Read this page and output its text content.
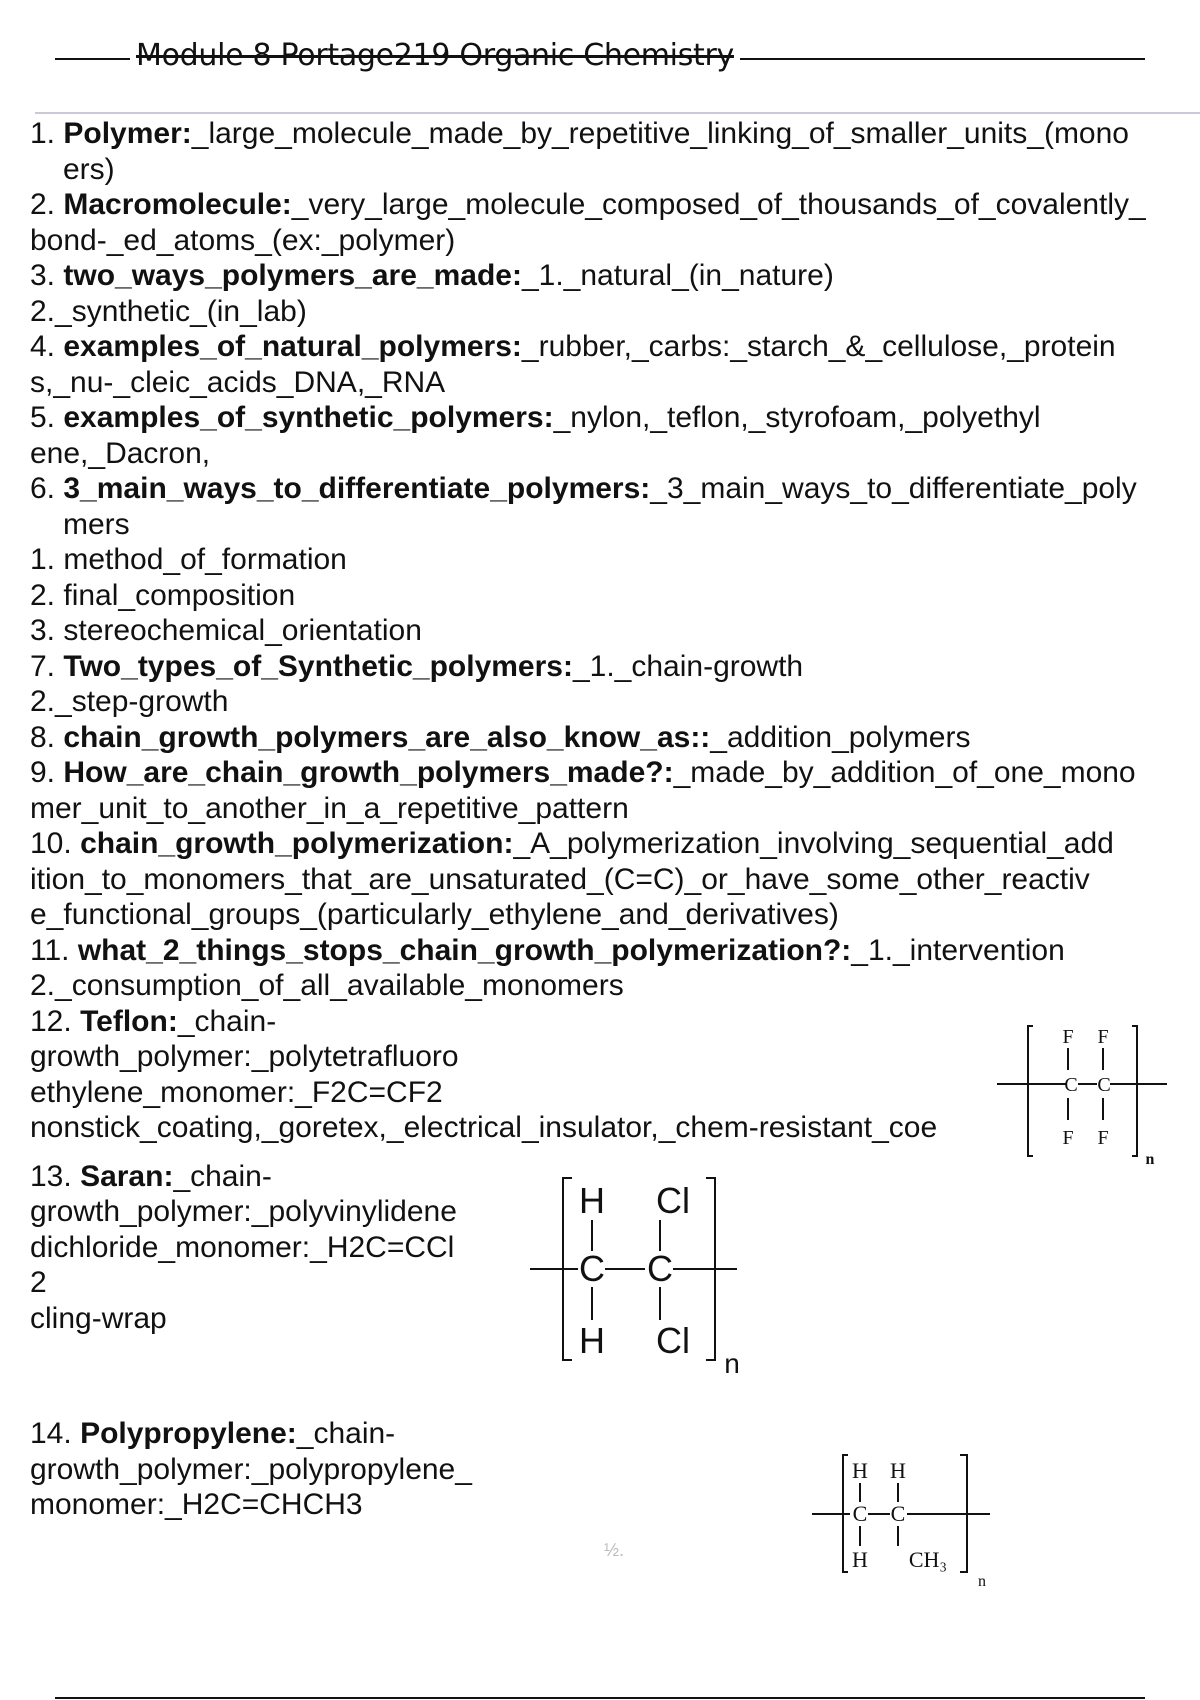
Module 8 Portage219 Organic Chemistry
1. Polymer:_large_molecule_made_by_repetitive_linking_of_smaller_units_(mono
ers)
2. Macromolecule:_very_large_molecule_composed_of_thousands_of_covalently_
bond-_ed_atoms_(ex:_polymer)
3. two_ways_polymers_are_made:_1._natural_(in_nature)
2._synthetic_(in_lab)
4. examples_of_natural_polymers:_rubber,_carbs:_starch_&_cellulose,_protein
s,_nu-_cleic_acids_DNA,_RNA
5. examples_of_synthetic_polymers:_nylon,_teflon,_styrofoam,_polyethyl
ene,_Dacron,
6. 3_main_ways_to_differentiate_polymers:_3_main_ways_to_differentiate_poly
mers
1. method_of_formation
2. final_composition
3. stereochemical_orientation
7. Two_types_of_Synthetic_polymers:_1._chain-growth
2._step-growth
8. chain_growth_polymers_are_also_know_as::_addition_polymers
9. How_are_chain_growth_polymers_made?:_made_by_addition_of_one_mono
mer_unit_to_another_in_a_repetitive_pattern
10. chain_growth_polymerization:_A_polymerization_involving_sequential_add
ition_to_monomers_that_are_unsaturated_(C=C)_or_have_some_other_reactiv
e_functional_groups_(particularly_ethylene_and_derivatives)
11. what_2_things_stops_chain_growth_polymerization?:_1._intervention
2._consumption_of_all_available_monomers
12. Teflon:_chain-
growth_polymer:_polytetrafluoro
ethylene_monomer:_F2C=CF2
nonstick_coating,_goretex,_electrical_insulator,_chem-resistant_coe
13. Saran:_chain-
growth_polymer:_polyvinylidene
dichloride_monomer:_H2C=CCl
2
cling-wrap
14. Polypropylene:_chain-
growth_polymer:_polypropylene_
monomer:_H2C=CHCH3
F F
C C
F F
n
H Cl
C C
H Cl
n
H H
C C
H CH₃
n
½.
